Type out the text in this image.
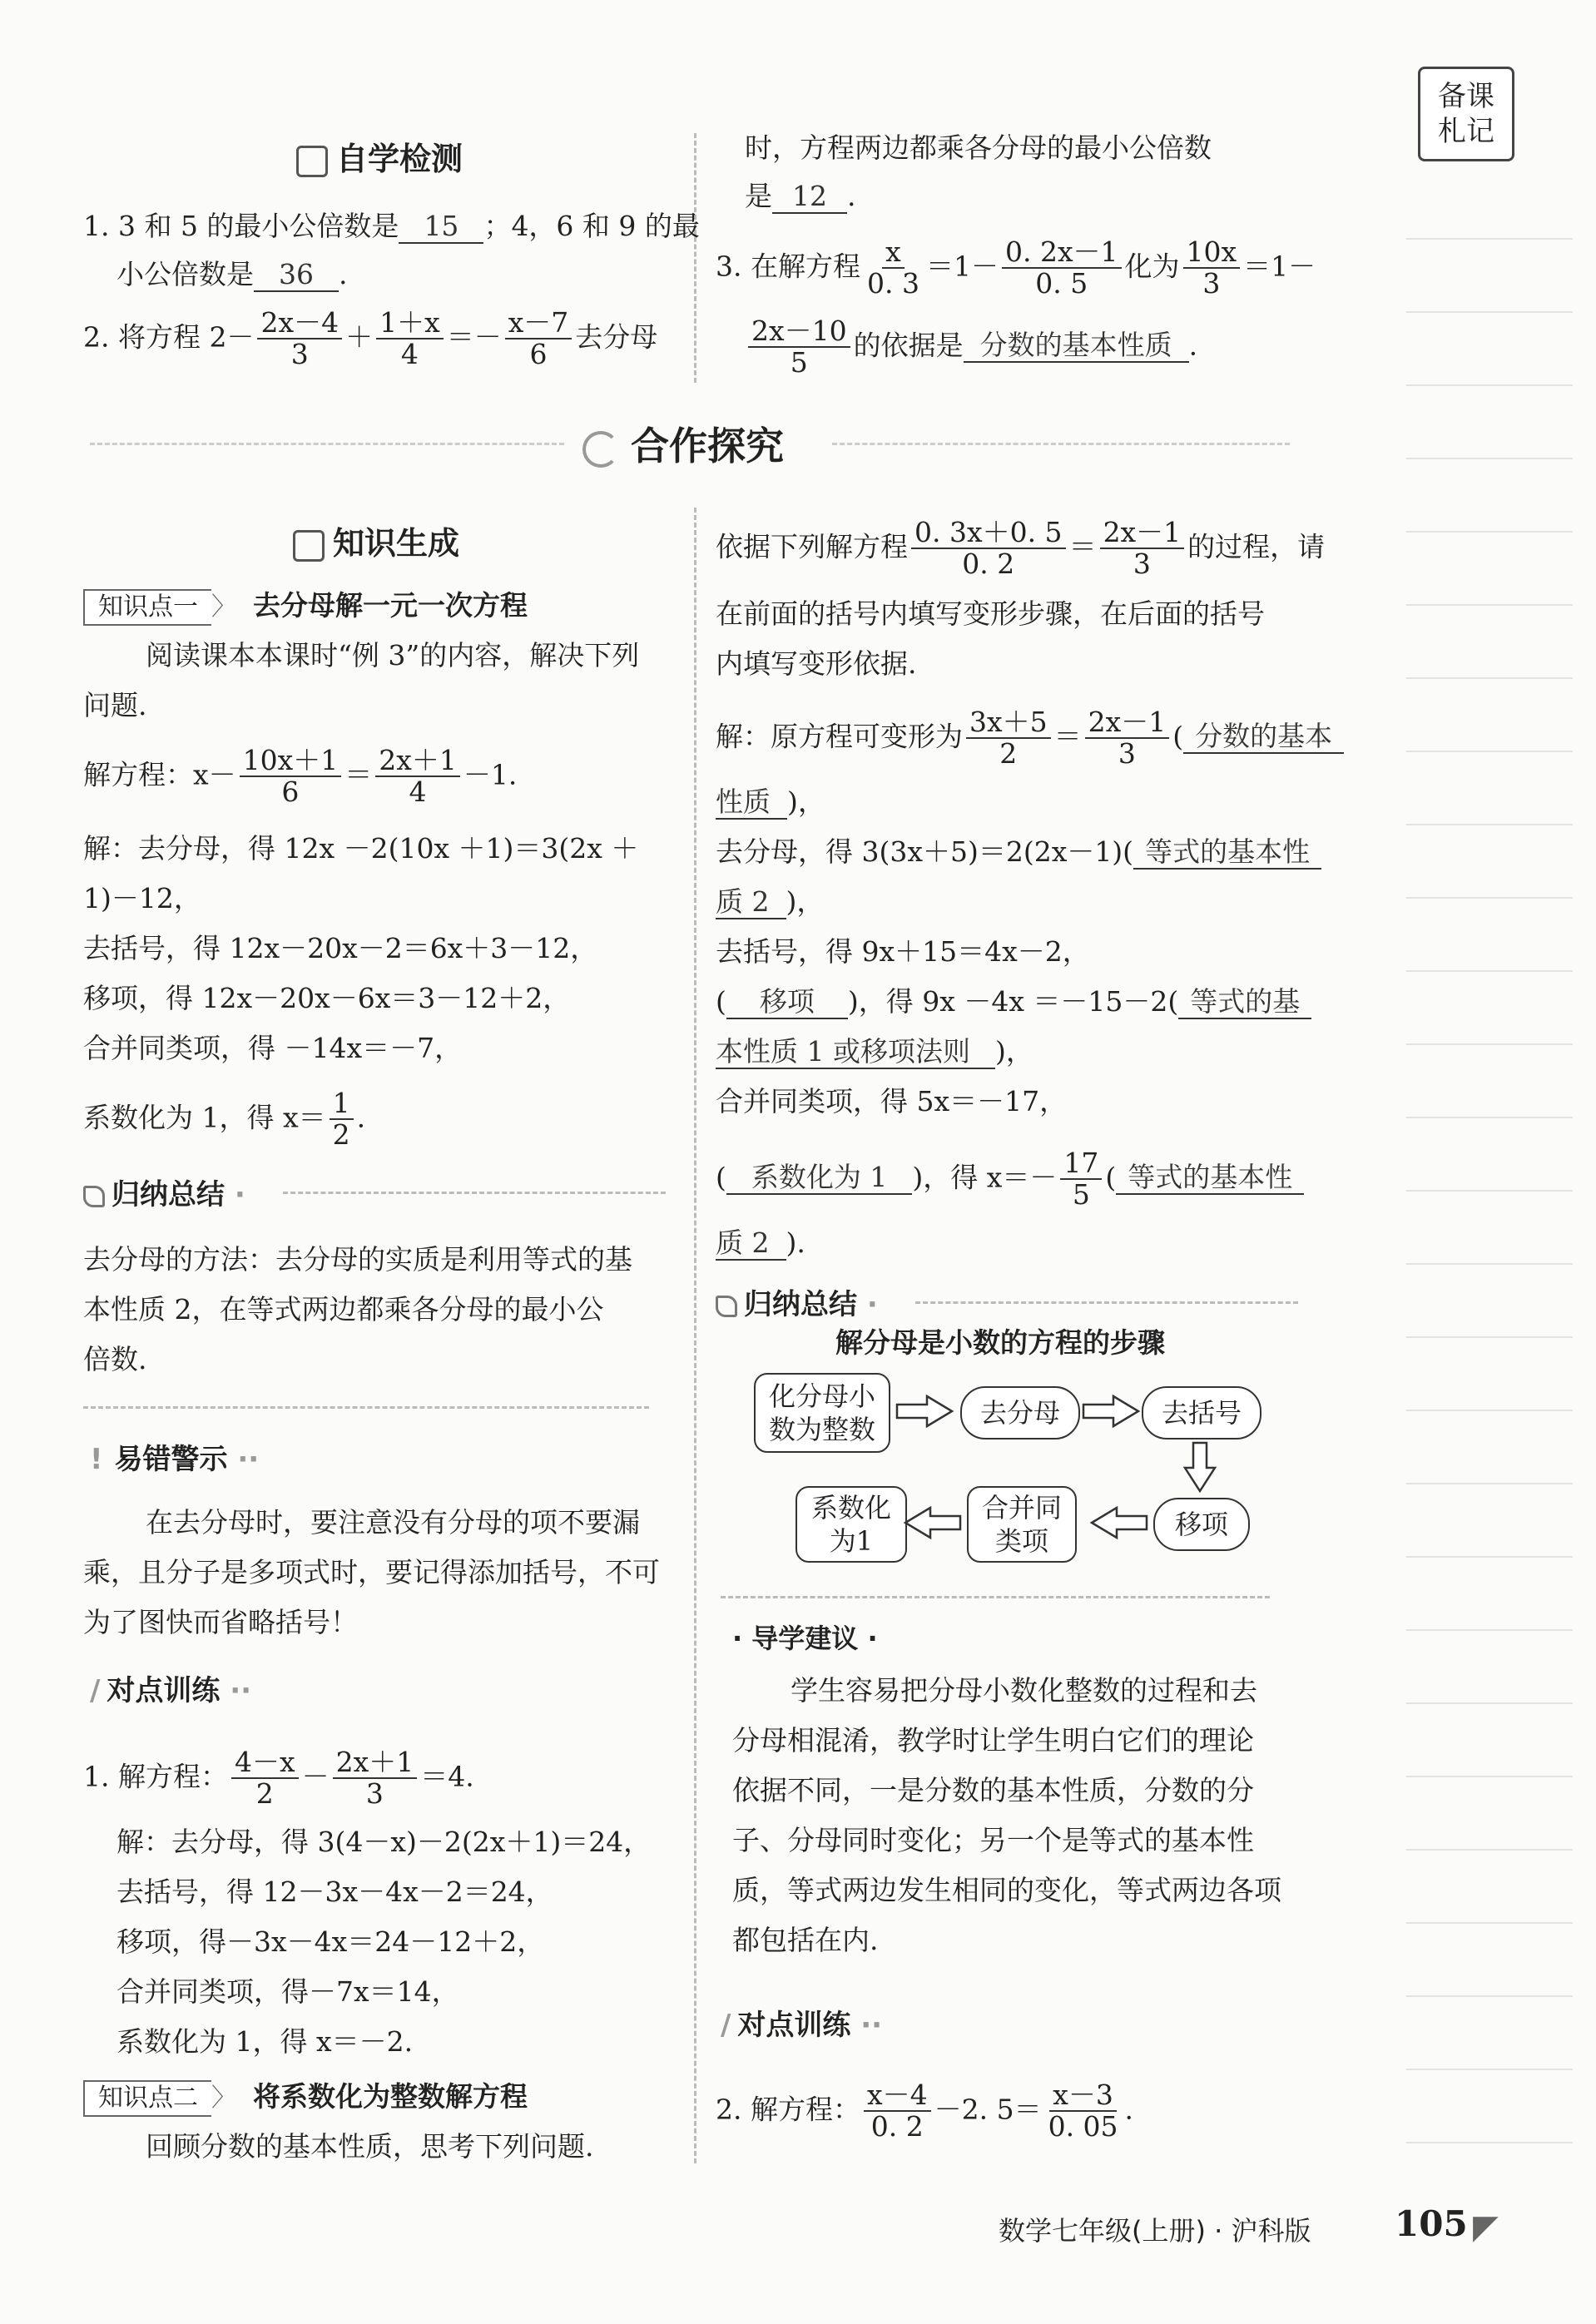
备课札记
自学检测
1. 3 和 5 的最小公倍数是 15 ；4，6 和 9 的最
小公倍数是 36 .
2. 将方程 $2- \frac{2x-4}{3} + \frac{1+x}{4} =- \frac{x-7}{6}$ 去分母
时，方程两边都乘各分母的最小公倍数
是 12 .
3. 在解方程 $\frac{x}{0. 3} =1- \frac{0. 2x-1}{0. 5}$ 化为 $\frac{10x}{3} =1-$
$\frac{2x-10}{5}$ 的依据是 分数的基本性质 .
合作探究
知识生成
知识点一 〉 去分母解一元一次方程
阅读课本本课时“例 3”的内容，解决下列
问题.
解方程：$x- \frac{10x+1}{6} = \frac{2x+1}{4} -1$.
解：去分母，得 12x －2(10x ＋1)＝3(2x ＋
1)－12，
去括号，得 12x－20x－2＝6x＋3－12，
移项，得 12x－20x－6x＝3－12＋2，
合并同类项，得 －14x＝－7，
系数化为 1，得 $x= \frac{1}{2}$ .
归纳总结 ·
去分母的方法：去分母的实质是利用等式的基
本性质 2，在等式两边都乘各分母的最小公
倍数.
! 易错警示 ··
在去分母时，要注意没有分母的项不要漏
乘，且分子是多项式时，要记得添加括号，不可
为了图快而省略括号！
/ 对点训练 ··
1. 解方程： $\frac{4-x}{2} - \frac{2x+1}{3} =4$.
解：去分母，得 3(4－x)－2(2x＋1)＝24，
去括号，得 12－3x－4x－2＝24，
移项，得－3x－4x＝24－12＋2，
合并同类项，得－7x＝14，
系数化为 1，得 x＝－2.
知识点二 〉 将系数化为整数解方程
回顾分数的基本性质，思考下列问题.
依据下列解方程 $\frac{0. 3x+0. 5}{0. 2} = \frac{2x-1}{3}$ 的过程，请
在前面的括号内填写变形步骤，在后面的括号
内填写变形依据.
解：原方程可变形为 $\frac{3x+5}{2} = \frac{2x-1}{3}$ ( 分数的基本
性质 )，
去分母，得 3(3x＋5)＝2(2x－1)( 等式的基本性
质 2 )，
去括号，得 9x＋15＝4x－2，
( 移项 )，得 9x －4x ＝－15－2( 等式的基
本性质 1 或移项法则 )，
合并同类项，得 5x＝－17，
( 系数化为 1 )，得 $x=- \frac{17}{5}$ ( 等式的基本性
质 2 ).
归纳总结 ·
解分母是小数的方程的步骤
化分母小
数为整数
去分母	去括号
移项
合并同
类项
系数化
为1
· 导学建议 ·
学生容易把分母小数化整数的过程和去
分母相混淆，教学时让学生明白它们的理论
依据不同，一是分数的基本性质，分数的分
子、分母同时变化；另一个是等式的基本性
质，等式两边发生相同的变化，等式两边各项
都包括在内.
/ 对点训练 ··
2. 解方程： $\frac{x-4}{0. 2} -2$. $5= \frac{x-3}{0. 05}$ .
数学七年级(上册) · 沪科版 105 ◤
